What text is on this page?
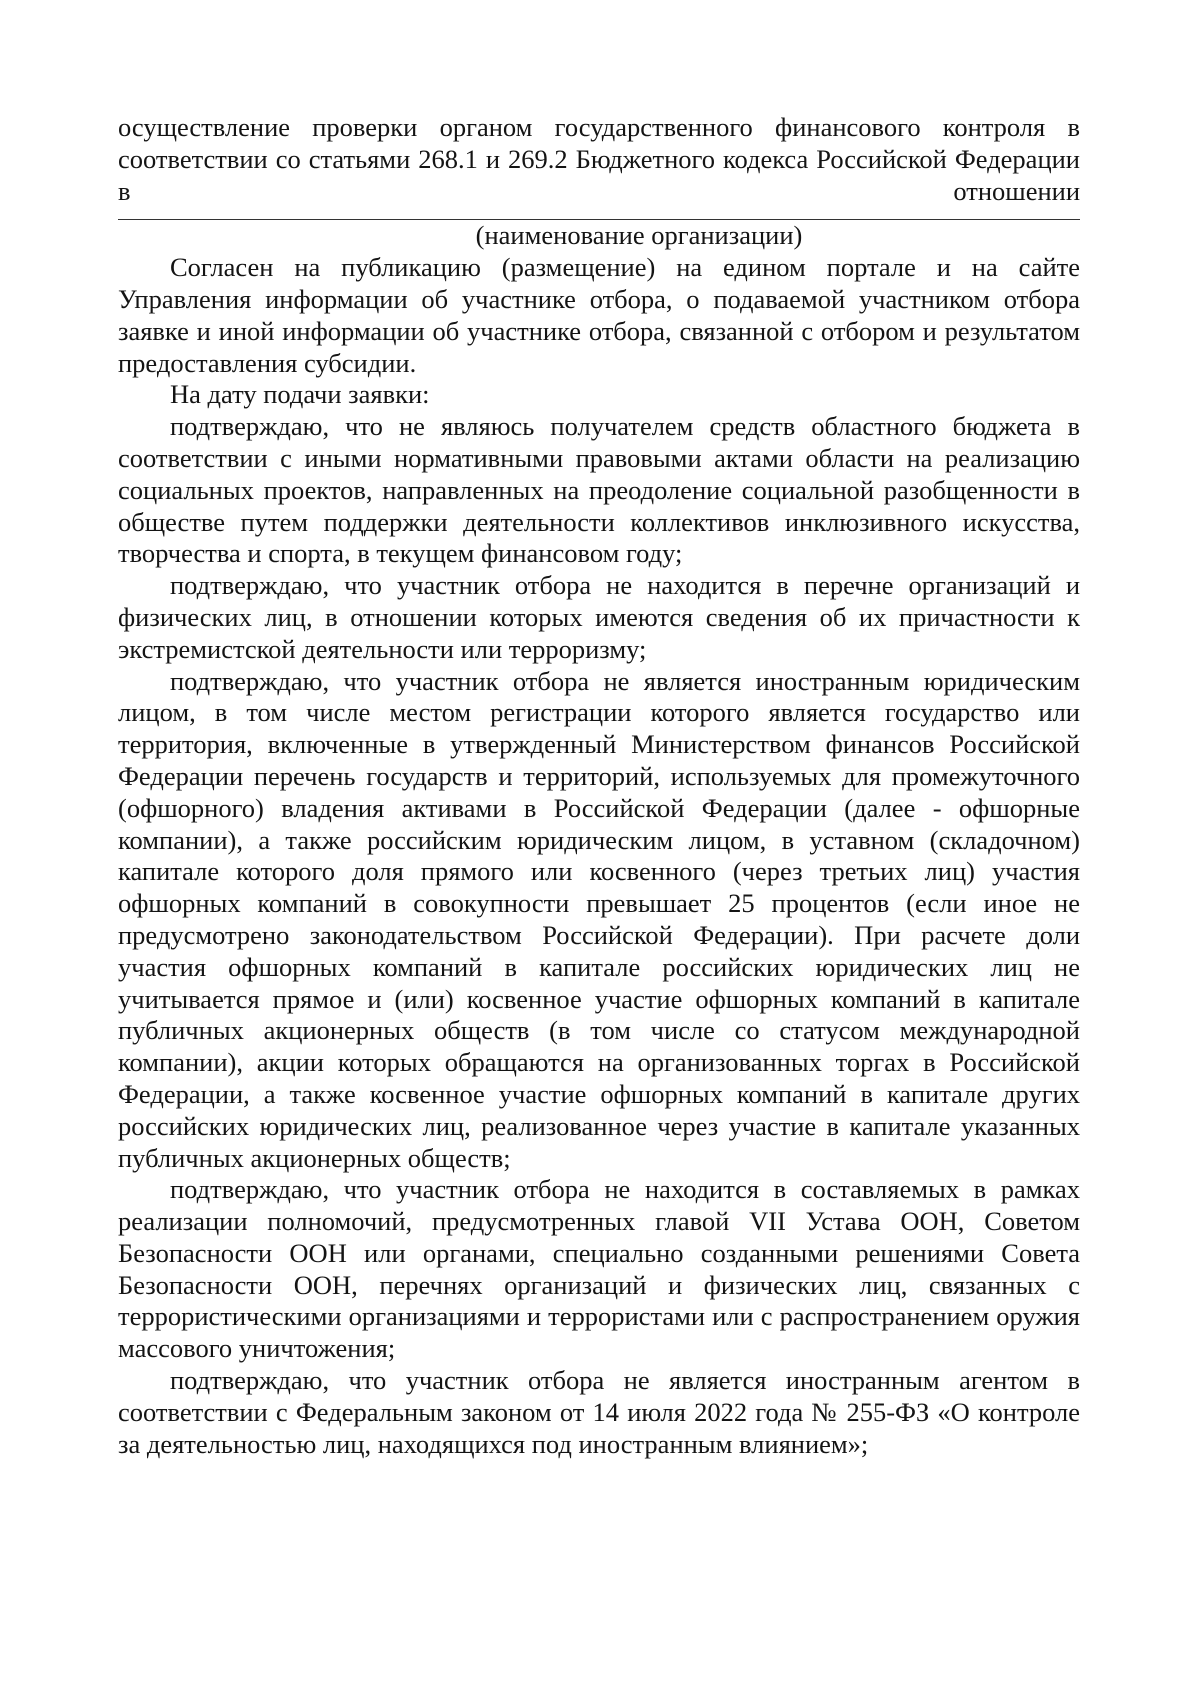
осуществление проверки органом государственного финансового контроля в соответствии со статьями 268.1 и 269.2 Бюджетного кодекса Российской Федерации в отношении

(наименование организации)

Согласен на публикацию (размещение) на едином портале и на сайте Управления информации об участнике отбора, о подаваемой участником отбора заявке и иной информации об участнике отбора, связанной с отбором и результатом предоставления субсидии.

На дату подачи заявки:

подтверждаю, что не являюсь получателем средств областного бюджета в соответствии с иными нормативными правовыми актами области на реализацию социальных проектов, направленных на преодоление социальной разобщенности в обществе путем поддержки деятельности коллективов инклюзивного искусства, творчества и спорта, в текущем финансовом году;

подтверждаю, что участник отбора не находится в перечне организаций и физических лиц, в отношении которых имеются сведения об их причастности к экстремистской деятельности или терроризму;

подтверждаю, что участник отбора не является иностранным юридическим лицом, в том числе местом регистрации которого является государство или территория, включенные в утвержденный Министерством финансов Российской Федерации перечень государств и территорий, используемых для промежуточного (офшорного) владения активами в Российской Федерации (далее - офшорные компании), а также российским юридическим лицом, в уставном (складочном) капитале которого доля прямого или косвенного (через третьих лиц) участия офшорных компаний в совокупности превышает 25 процентов (если иное не предусмотрено законодательством Российской Федерации). При расчете доли участия офшорных компаний в капитале российских юридических лиц не учитывается прямое и (или) косвенное участие офшорных компаний в капитале публичных акционерных обществ (в том числе со статусом международной компании), акции которых обращаются на организованных торгах в Российской Федерации, а также косвенное участие офшорных компаний в капитале других российских юридических лиц, реализованное через участие в капитале указанных публичных акционерных обществ;

подтверждаю, что участник отбора не находится в составляемых в рамках реализации полномочий, предусмотренных главой VII Устава ООН, Советом Безопасности ООН или органами, специально созданными решениями Совета Безопасности ООН, перечнях организаций и физических лиц, связанных с террористическими организациями и террористами или с распространением оружия массового уничтожения;

подтверждаю, что участник отбора не является иностранным агентом в соответствии с Федеральным законом от 14 июля 2022 года № 255-ФЗ «О контроле за деятельностью лиц, находящихся под иностранным влиянием»;
